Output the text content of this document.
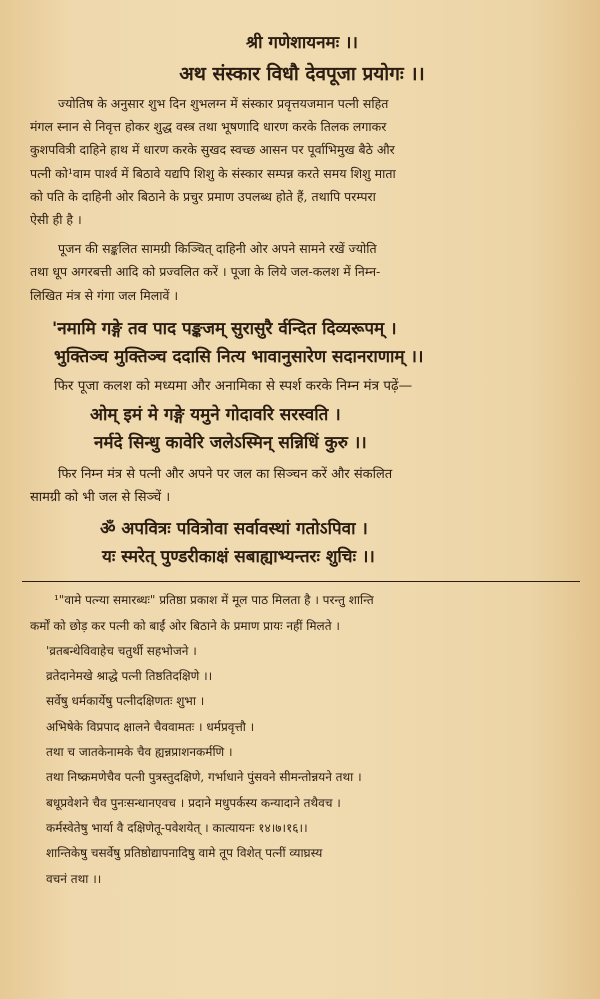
श्री गणेशायनमः ।।

अथ संस्कार विधौ देवपूजा प्रयोगः ।।

ज्योतिष के अनुसार शुभ दिन शुभलग्न में संस्कार प्रवृत्तयजमान पत्नी सहित
मंगल स्नान से निवृत्त होकर शुद्ध वस्त्र तथा भूषणादि धारण करके तिलक लगाकर
कुशपवित्री दाहिने हाथ में धारण करके सुखद स्वच्छ आसन पर पूर्वाभिमुख बैठे और
पत्नी को¹वाम पार्श्व में बिठावे यद्यपि शिशु के संस्कार सम्पन्न करते समय शिशु माता
को पति के दाहिनी ओर बिठाने के प्रचुर प्रमाण उपलब्ध होते हैं, तथापि परम्परा
ऐसी ही है ।

पूजन की सङ्कलित सामग्री किञ्चित् दाहिनी ओर अपने सामने रखें ज्योति
तथा धूप अगरबत्ती आदि को प्रज्वलित करें । पूजा के लिये जल-कलश में निम्न-
लिखित मंत्र से गंगा जल मिलावें ।

'नमामि गङ्गे तव पाद पङ्कजम् सुरासुरै र्वन्दित दिव्यरूपम् ।
भुक्तिञ्च मुक्तिञ्च ददासि नित्य भावानुसारेण सदानराणाम् ।।

फिर पूजा कलश को मध्यमा और अनामिका से स्पर्श करके निम्न मंत्र पढ़ें—

ओम् इमं मे गङ्गे यमुने गोदावरि सरस्वति ।
नर्मदे सिन्धु कावेरि जलेऽस्मिन् सन्निधिं कुरु ।।

फिर निम्न मंत्र से पत्नी और अपने पर जल का सिञ्चन करें और संकलित
सामग्री को भी जल से सिञ्चें ।

ॐ अपवित्रः पवित्रोवा सर्वावस्थां गतोऽपिवा ।
यः स्मरेत् पुण्डरीकाक्षं सबाह्याभ्यन्तरः शुचिः ।।
¹"वामे पत्न्या समारब्धः" प्रतिष्ठा प्रकाश में मूल पाठ मिलता है । परन्तु शान्ति
कर्मों को छोड़ कर पत्नी को बाईं ओर बिठाने के प्रमाण प्रायः नहीं मिलते ।
'व्रतबन्धेविवाहेच चतुर्थी सहभोजने ।
व्रतेदानेमखे श्राद्धे पत्नी तिष्ठतिदक्षिणे ।।
सर्वेषु धर्मकार्येषु पत्नीदक्षिणतः शुभा ।
अभिषेके विप्रपाद क्षालने चैववामतः । धर्मप्रवृत्तौ ।
तथा च जातकेनामके चैव ह्यन्नप्राशनकर्मणि ।
तथा निष्क्रमणेचैव पत्नी पुत्रस्तुदक्षिणे, गर्भाधाने पुंसवने सीमन्तोन्नयने तथा ।
बधूप्रवेशने चैव पुनःसन्धानएवच । प्रदाने मधुपर्कस्य कन्यादाने तथैवच ।
कर्मस्वेतेषु भार्या वै दक्षिणेतू-पवेशयेत् । कात्यायनः १४।७।१६।।
शान्तिकेषु चसर्वेषु प्रतिष्ठोद्यापनादिषु वामे तूप विशेत् पत्नीं व्याघ्रस्य
वचनं तथा ।।
